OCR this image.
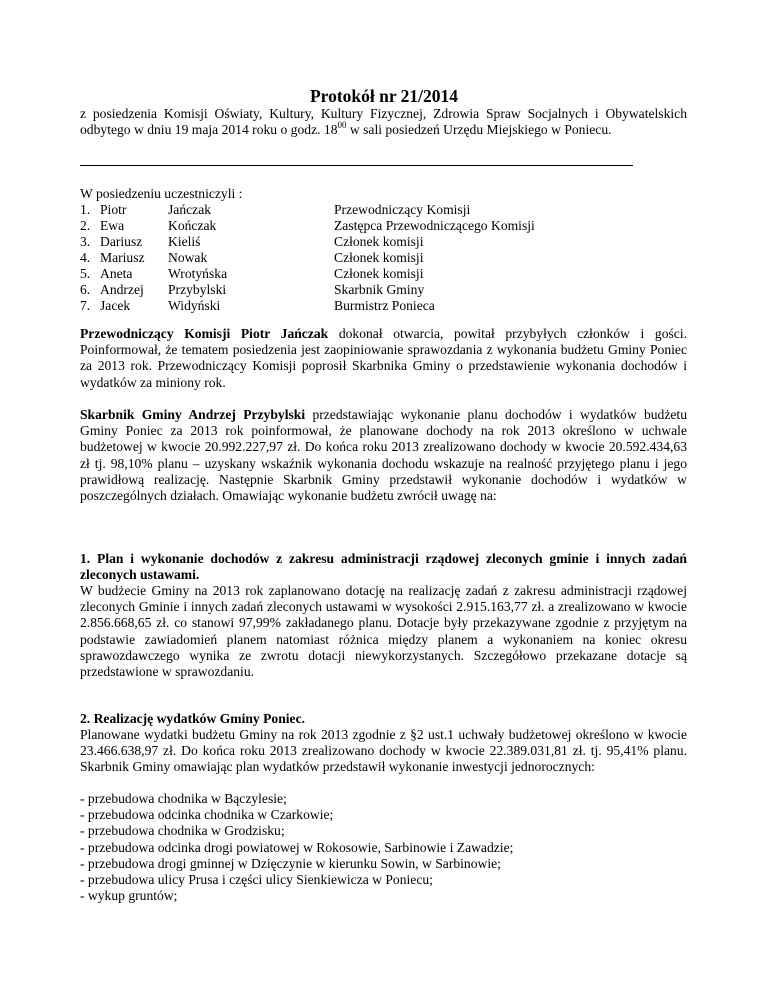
Protokół nr 21/2014
z posiedzenia Komisji Oświaty, Kultury, Kultury Fizycznej, Zdrowia Spraw Socjalnych i Obywatelskich odbytego w dniu 19 maja 2014 roku o godz. $18^{00}$ w sali posiedzeń Urzędu Miejskiego w Poniecu.
W posiedzeniu uczestniczyli :
1. Piotr	Jańczak	Przewodniczący Komisji
2. Ewa	Kończak	Zastępca Przewodniczącego Komisji
3. Dariusz Kieliś	Członek komisji
4. Mariusz Nowak	Członek komisji
5. Aneta	Wrotyńska	Członek komisji
6. Andrzej Przybylski	Skarbnik Gminy
7. Jacek	Widyński	Burmistrz Ponieca
Przewodniczący Komisji Piotr Jańczak dokonał otwarcia, powitał przybyłych członków i gości. Poinformował, że tematem posiedzenia jest zaopiniowanie sprawozdania z wykonania budżetu Gminy Poniec za 2013 rok. Przewodniczący Komisji poprosił Skarbnika Gminy o przedstawienie wykonania dochodów i wydatków za miniony rok.
Skarbnik Gminy Andrzej Przybylski przedstawiając wykonanie planu dochodów i wydatków budżetu Gminy Poniec za 2013 rok poinformował, że planowane dochody na rok 2013 określono w uchwale budżetowej w kwocie 20.992.227,97 zł. Do końca roku 2013 zrealizowano dochody w kwocie 20.592.434,63 zł tj. 98,10% planu – uzyskany wskaźnik wykonania dochodu wskazuje na realność przyjętego planu i jego prawidłową realizację. Następnie Skarbnik Gminy przedstawił wykonanie dochodów i wydatków w poszczególnych działach. Omawiając wykonanie budżetu zwrócił uwagę na:
1. Plan i wykonanie dochodów z zakresu administracji rządowej zleconych gminie i innych zadań zleconych ustawami.
W budżecie Gminy na 2013 rok zaplanowano dotację na realizację zadań z zakresu administracji rządowej zleconych Gminie i innych zadań zleconych ustawami w wysokości 2.915.163,77 zł. a zrealizowano w kwocie 2.856.668,65 zł. co stanowi 97,99% zakładanego planu. Dotacje były przekazywane zgodnie z przyjętym na podstawie zawiadomień planem natomiast różnica między planem a wykonaniem na koniec okresu sprawozdawczego wynika ze zwrotu dotacji niewykorzystanych. Szczegółowo przekazane dotacje są przedstawione w sprawozdaniu.
2. Realizację wydatków Gminy Poniec.
Planowane wydatki budżetu Gminy na rok 2013 zgodnie z §2 ust.1 uchwały budżetowej określono w kwocie 23.466.638,97 zł. Do końca roku 2013 zrealizowano dochody w kwocie 22.389.031,81 zł. tj. 95,41% planu. Skarbnik Gminy omawiając plan wydatków przedstawił wykonanie inwestycji jednorocznych:
- przebudowa chodnika w Bączylesie;
- przebudowa odcinka chodnika w Czarkowie;
- przebudowa chodnika w Grodzisku;
- przebudowa odcinka drogi powiatowej w Rokosowie, Sarbinowie i Zawadzie;
- przebudowa drogi gminnej w Dzięczynie w kierunku Sowin, w Sarbinowie;
- przebudowa ulicy Prusa i części ulicy Sienkiewicza w Poniecu;
- wykup gruntów;
